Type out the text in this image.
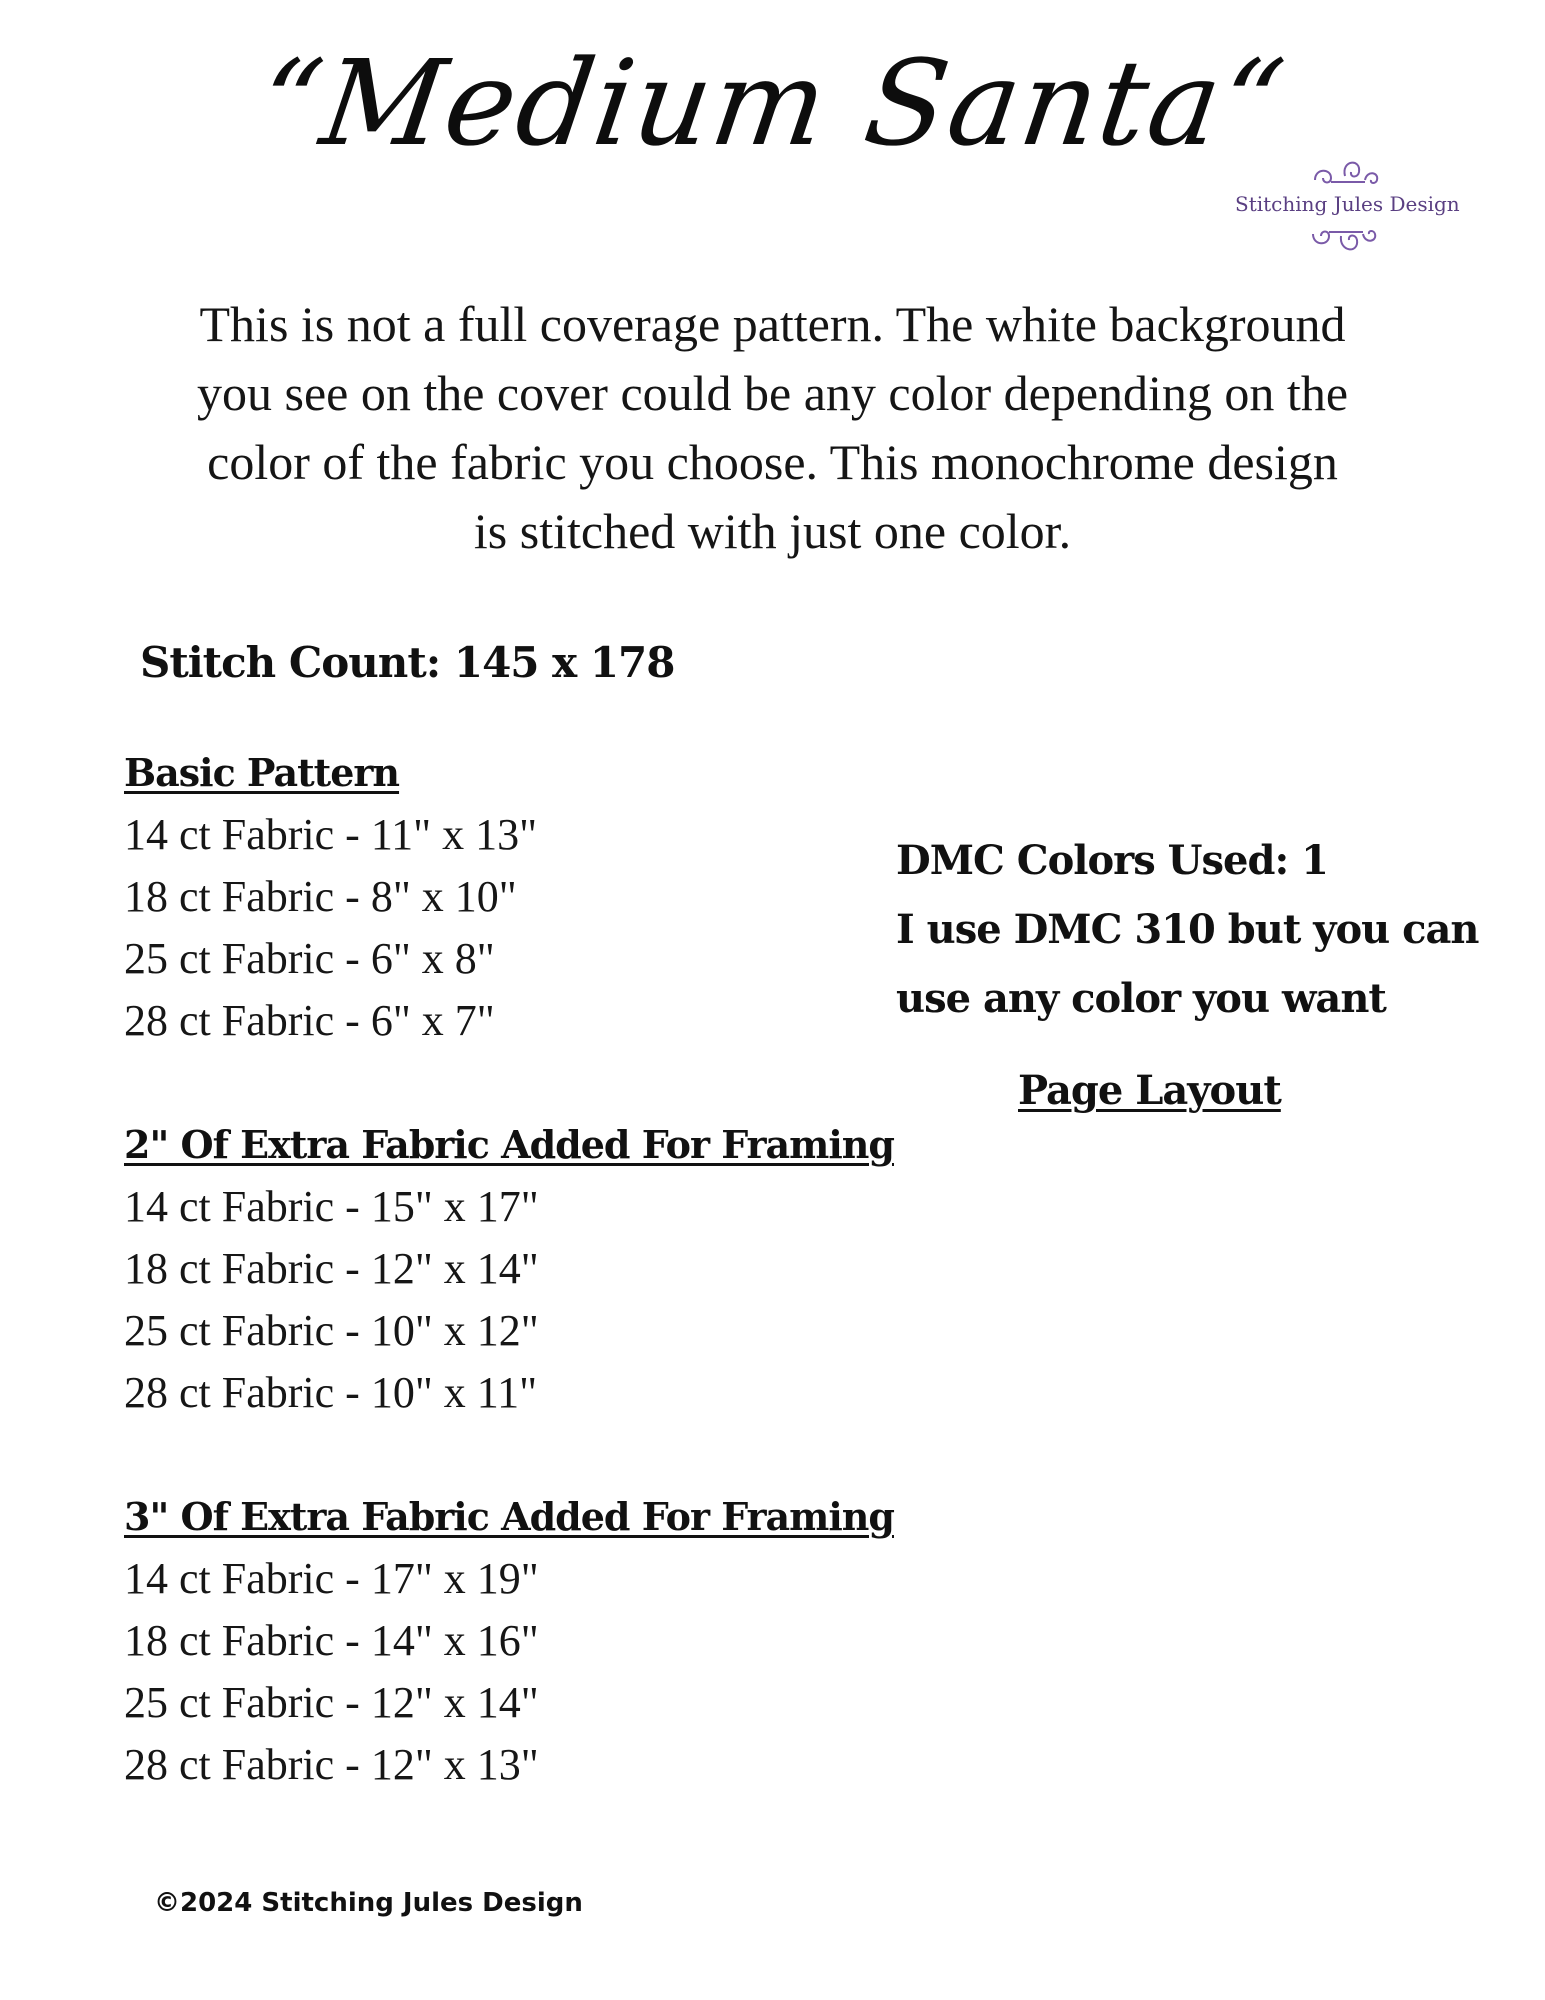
“Medium Santa“
Stitching Jules Design

This is not a full coverage pattern. The white background

you see on the cover could be any color depending on the

color of the fabric you choose. This monochrome design

is stitched with just one color.

Stitch Count: 145 x 178
Basic Pattern
14 ct Fabric - 11" x 13"
18 ct Fabric - 8" x 10"
25 ct Fabric - 6" x 8"
28 ct Fabric - 6" x 7"
2" Of Extra Fabric Added For Framing
14 ct Fabric - 15" x 17"
18 ct Fabric - 12" x 14"
25 ct Fabric - 10" x 12"
28 ct Fabric - 10" x 11"
3" Of Extra Fabric Added For Framing
14 ct Fabric - 17" x 19"
18 ct Fabric - 14" x 16"
25 ct Fabric - 12" x 14"
28 ct Fabric - 12" x 13"
DMC Colors Used: 1
I use DMC 310 but you can
use any color you want
Page Layout
©2024 Stitching Jules Design
